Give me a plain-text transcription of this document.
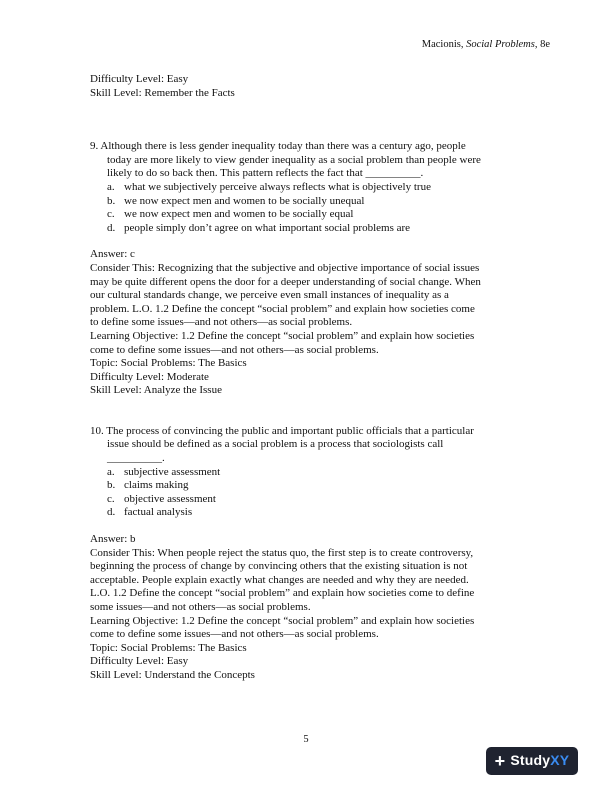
Macionis, Social Problems, 8e
Difficulty Level: Easy
Skill Level: Remember the Facts
9. Although there is less gender inequality today than there was a century ago, people
today are more likely to view gender inequality as a social problem than people were
likely to do so back then. This pattern reflects the fact that __________.
a. what we subjectively perceive always reflects what is objectively true
b. we now expect men and women to be socially unequal
c. we now expect men and women to be socially equal
d. people simply don’t agree on what important social problems are
Answer: c
Consider This: Recognizing that the subjective and objective importance of social issues
may be quite different opens the door for a deeper understanding of social change. When
our cultural standards change, we perceive even small instances of inequality as a
problem. L.O. 1.2 Define the concept “social problem” and explain how societies come
to define some issues—and not others—as social problems.
Learning Objective: 1.2 Define the concept “social problem” and explain how societies
come to define some issues—and not others—as social problems.
Topic: Social Problems: The Basics
Difficulty Level: Moderate
Skill Level: Analyze the Issue
10. The process of convincing the public and important public officials that a particular
issue should be defined as a social problem is a process that sociologists call
__________.
a. subjective assessment
b. claims making
c. objective assessment
d. factual analysis
Answer: b
Consider This: When people reject the status quo, the first step is to create controversy,
beginning the process of change by convincing others that the existing situation is not
acceptable. People explain exactly what changes are needed and why they are needed.
L.O. 1.2 Define the concept “social problem” and explain how societies come to define
some issues—and not others—as social problems.
Learning Objective: 1.2 Define the concept “social problem” and explain how societies
come to define some issues—and not others—as social problems.
Topic: Social Problems: The Basics
Difficulty Level: Easy
Skill Level: Understand the Concepts
5
+ Study XY
